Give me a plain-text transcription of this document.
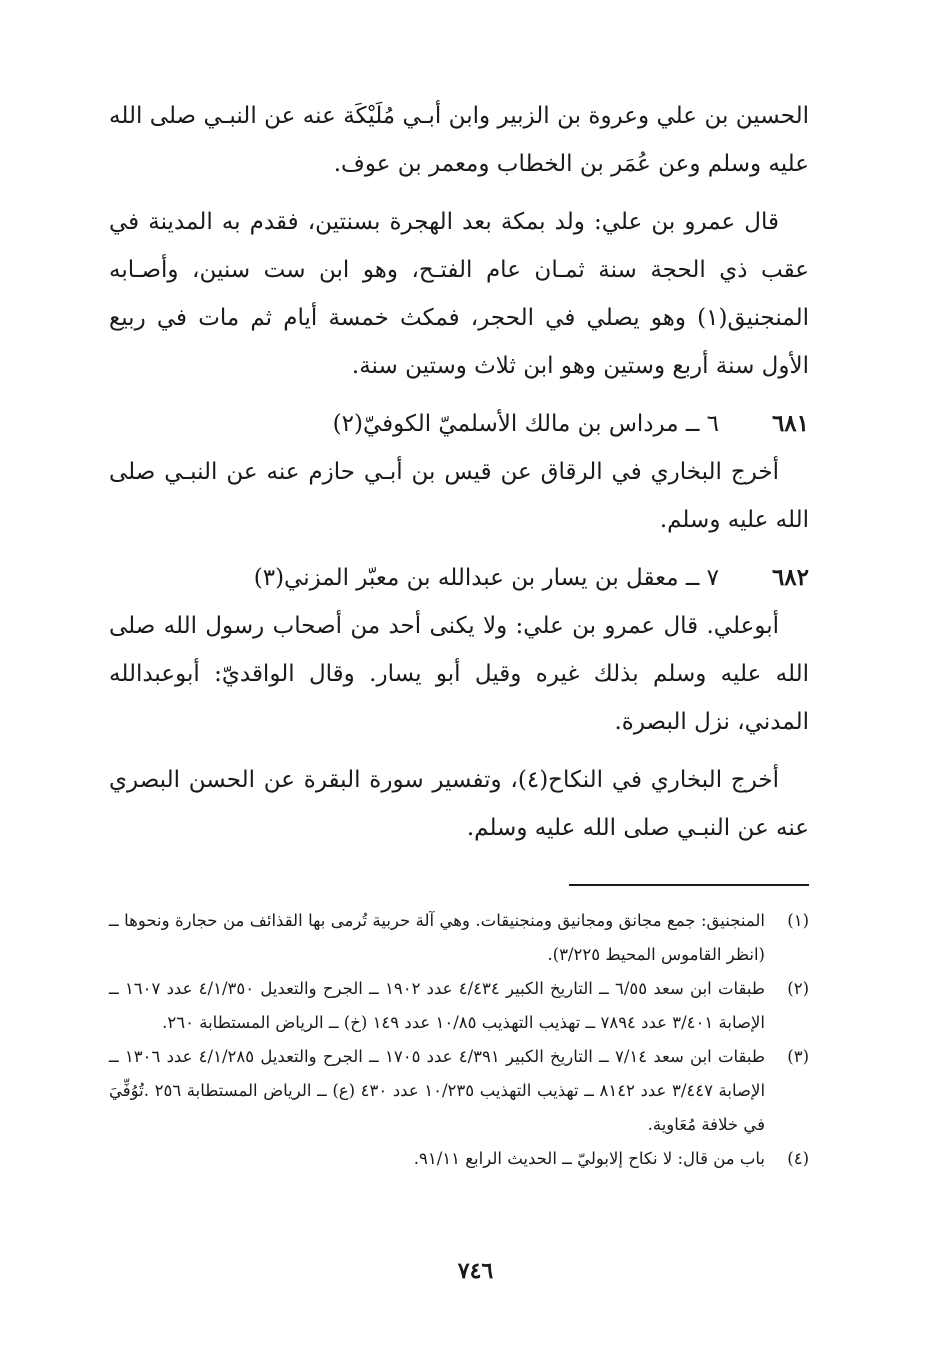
الحسين بن علي وعروة بن الزبير وابن أبـي مُلَيْكَة عنه عن النبـي صلى الله عليه وسلم وعن عُمَر بن الخطاب ومعمر بن عوف.

قال عمرو بن علي: ولد بمكة بعد الهجرة بسنتين، فقدم به المدينة في عقب ذي الحجة سنة ثمـان عام الفتـح، وهو ابن ست سنين، وأصـابه المنجنيق(١) وهو يصلي في الحجر، فمكث خمسة أيام ثم مات في ربيع الأول سنة أربع وستين وهو ابن ثلاث وستين سنة.

٦٨١
٦ ــ مرداس بن مالك الأسلميّ الكوفيّ(٢)

أخرج البخاري في الرقاق عن قيس بن أبـي حازم عنه عن النبـي صلى الله عليه وسلم.

٦٨٢
٧ ــ معقل بن يسار بن عبدالله بن معبّر المزني(٣)

أبوعلي. قال عمرو بن علي: ولا يكنى أحد من أصحاب رسول الله صلى الله عليه وسلم بذلك غيره وقيل أبو يسار. وقال الواقديّ: أبوعبدالله المدني، نزل البصرة.

أخرج البخاري في النكاح(٤)، وتفسير سورة البقرة عن الحسن البصري عنه عن النبـي صلى الله عليه وسلم.

(١)
المنجنيق: جمع مجانق ومجانيق ومنجنيقات. وهي آلة حربية تُرمى بها القذائف من حجارة ونحوها ــ (انظر القاموس المحيط ٣/٢٢٥).
(٢)
طبقات ابن سعد ٦/٥٥ ــ التاريخ الكبير ٤/٤٣٤ عدد ١٩٠٢ ــ الجرح والتعديل ٤/١/٣٥٠ عدد ١٦٠٧ ــ الإصابة ٣/٤٠١ عدد ٧٨٩٤ ــ تهذيب التهذيب ١٠/٨٥ عدد ١٤٩ (خ) ــ الرياض المستطابة ٢٦٠.
(٣)
طبقات ابن سعد ٧/١٤ ــ التاريخ الكبير ٤/٣٩١ عدد ١٧٠٥ ــ الجرح والتعديل ٤/١/٢٨٥ عدد ١٣٠٦ ــ الإصابة ٣/٤٤٧ عدد ٨١٤٢ ــ تهذيب التهذيب ١٠/٢٣٥ عدد ٤٣٠ (ع) ــ الرياض المستطابة ٢٥٦ .تُوُفِّيَ في خلافة مُعَاوية.
(٤)
باب من قال: لا نكاح إلابوليّ ــ الحديث الرابع ٩١/١١.
٧٤٦
